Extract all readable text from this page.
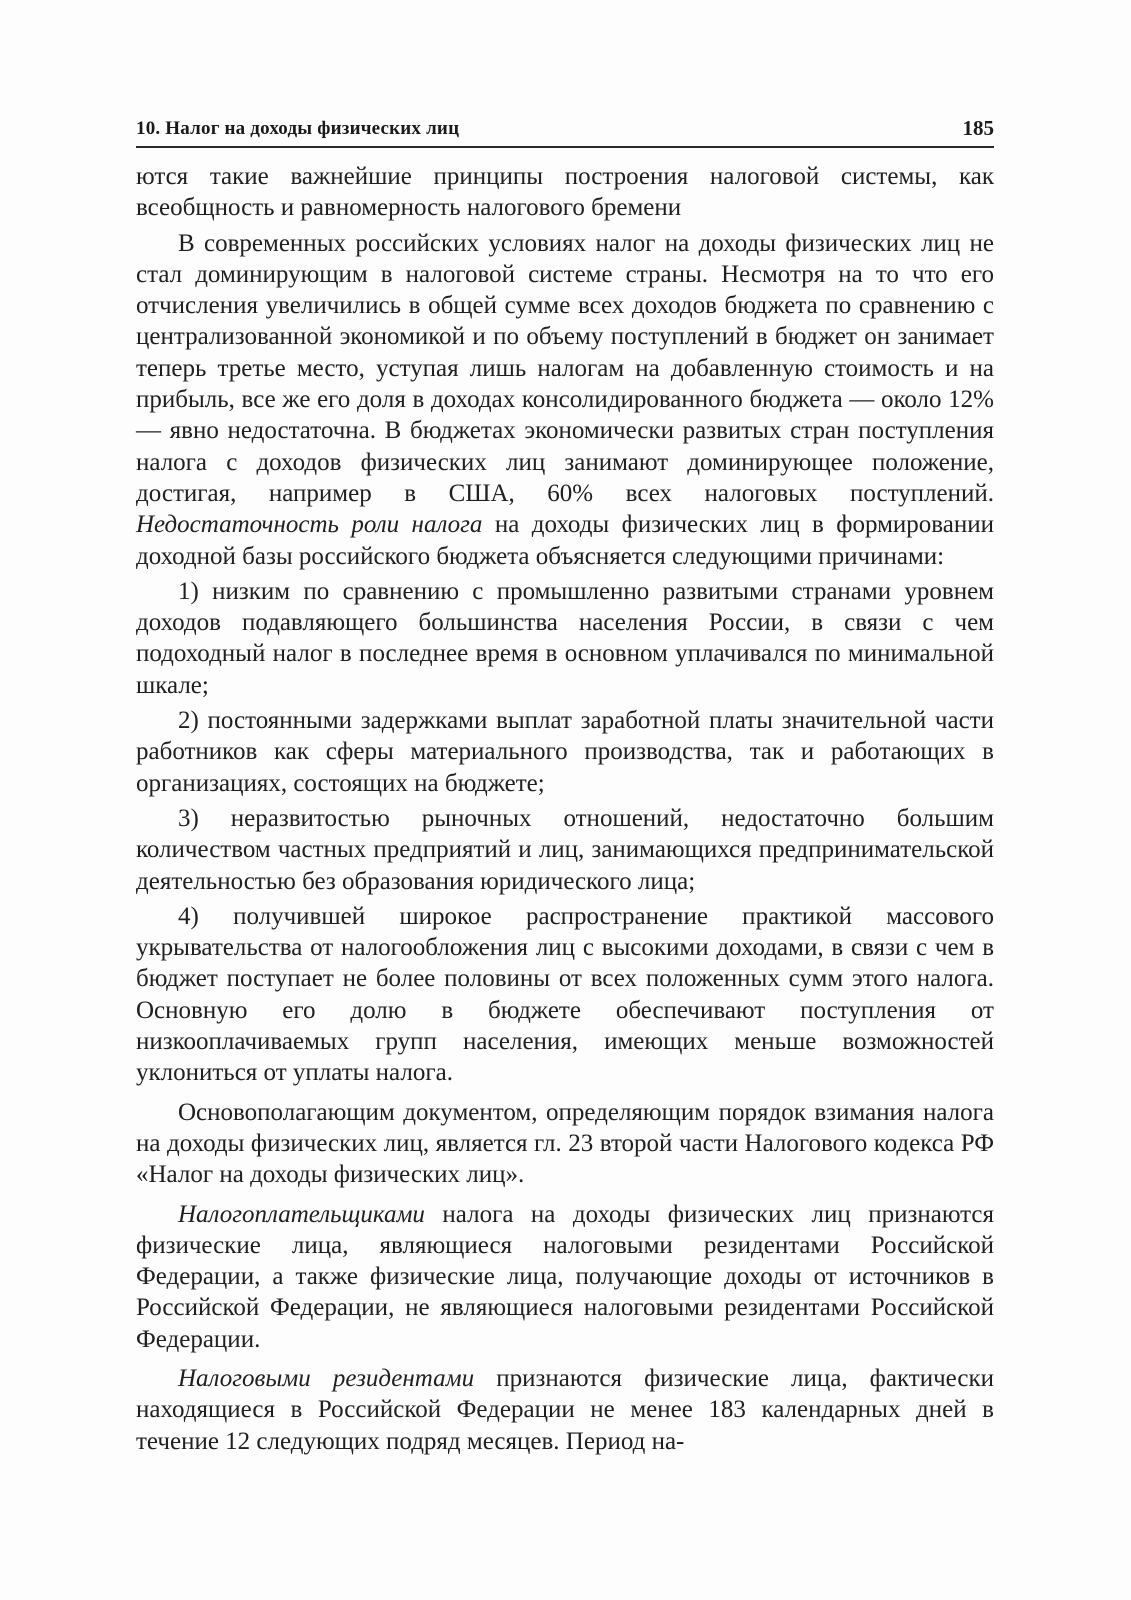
10. Налог на доходы физических лиц	185

ются такие важнейшие принципы построения налоговой системы, как всеобщность и равномерность налогового бремени

В современных российских условиях налог на доходы физических лиц не стал доминирующим в налоговой системе страны. Несмотря на то что его отчисления увеличились в общей сумме всех доходов бюджета по сравнению с централизованной экономикой и по объему поступлений в бюджет он занимает теперь третье место, уступая лишь налогам на добавленную стоимость и на прибыль, все же его доля в доходах консолидированного бюджета — около 12% — явно недостаточна. В бюджетах экономически развитых стран поступления налога с доходов физических лиц занимают доминирующее положение, достигая, например в США, 60% всех налоговых поступлений. Недостаточность роли налога на доходы физических лиц в формировании доходной базы российского бюджета объясняется следующими причинами:

1) низким по сравнению с промышленно развитыми странами уровнем доходов подавляющего большинства населения России, в связи с чем подоходный налог в последнее время в основном уплачивался по минимальной шкале;

2) постоянными задержками выплат заработной платы значительной части работников как сферы материального производства, так и работающих в организациях, состоящих на бюджете;

3) неразвитостью рыночных отношений, недостаточно большим количеством частных предприятий и лиц, занимающихся предпринимательской деятельностью без образования юридического лица;

4) получившей широкое распространение практикой массового укрывательства от налогообложения лиц с высокими доходами, в связи с чем в бюджет поступает не более половины от всех положенных сумм этого налога. Основную его долю в бюджете обеспечивают поступления от низкооплачиваемых групп населения, имеющих меньше возможностей уклониться от уплаты налога.

Основополагающим документом, определяющим порядок взимания налога на доходы физических лиц, является гл. 23 второй части Налогового кодекса РФ «Налог на доходы физических лиц».

Налогоплательщиками налога на доходы физических лиц признаются физические лица, являющиеся налоговыми резидентами Российской Федерации, а также физические лица, получающие доходы от источников в Российской Федерации, не являющиеся налоговыми резидентами Российской Федерации.

Налоговыми резидентами признаются физические лица, фактически находящиеся в Российской Федерации не менее 183 календарных дней в течение 12 следующих подряд месяцев. Период на-
